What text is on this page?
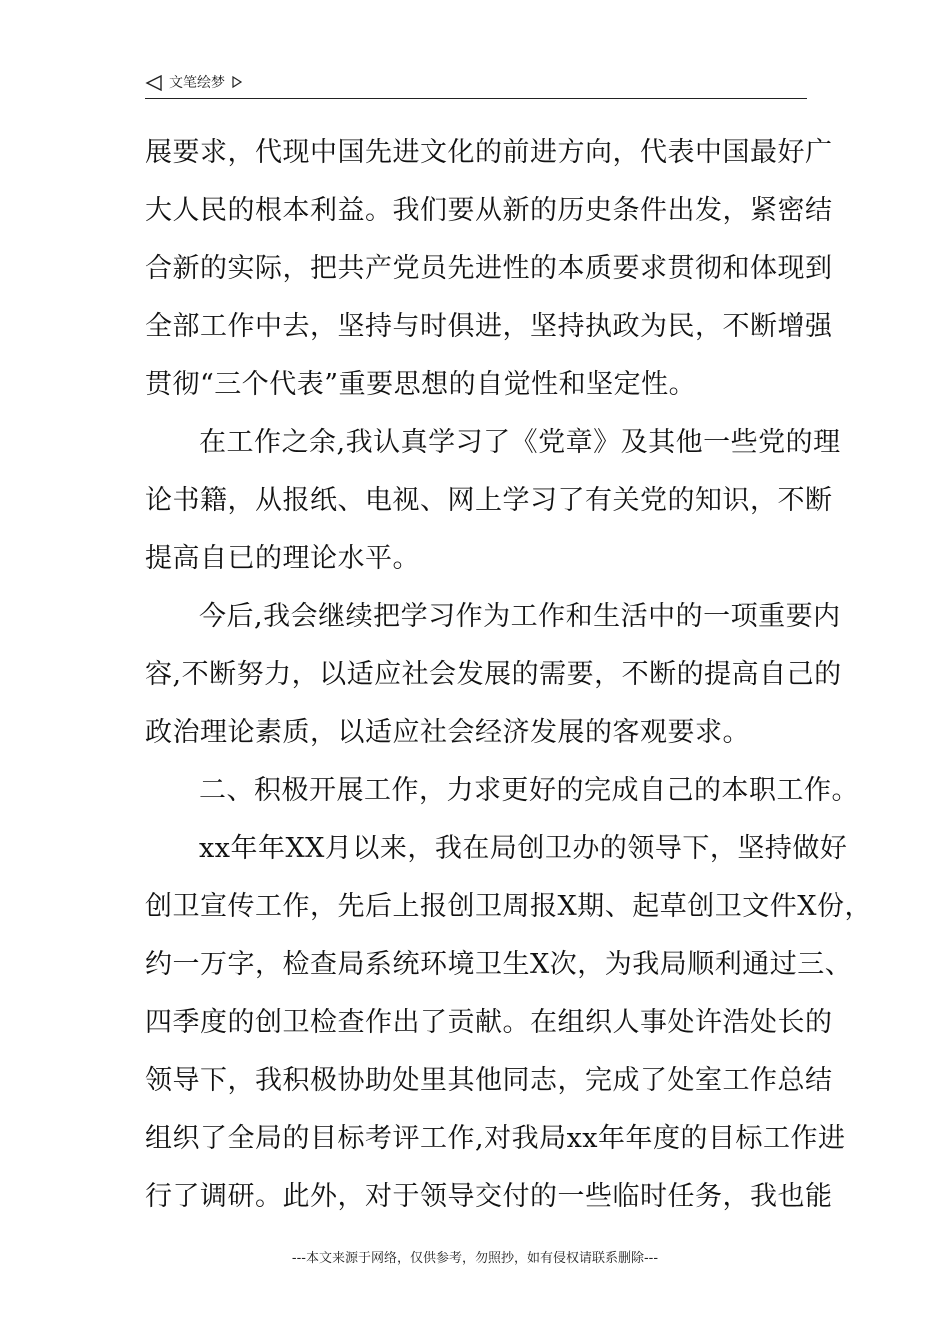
文笔绘梦
展要求，代现中国先进文化的前进方向，代表中国最好广
大人民的根本利益。我们要从新的历史条件出发，紧密结
合新的实际，把共产党员先进性的本质要求贯彻和体现到
全部工作中去，坚持与时俱进，坚持执政为民，不断增强
贯彻“三个代表”重要思想的自觉性和坚定性。
在工作之余,我认真学习了《党章》及其他一些党的理
论书籍，从报纸、电视、网上学习了有关党的知识，不断
提高自已的理论水平。
今后,我会继续把学习作为工作和生活中的一项重要内
容,不断努力，以适应社会发展的需要，不断的提高自己的
政治理论素质，以适应社会经济发展的客观要求。
二、积极开展工作，力求更好的完成自己的本职工作。
xx年年XX月以来，我在局创卫办的领导下，坚持做好
创卫宣传工作，先后上报创卫周报X期、起草创卫文件X份，
约一万字，检查局系统环境卫生X次，为我局顺利通过三、
四季度的创卫检查作出了贡献。在组织人事处许浩处长的
领导下，我积极协助处里其他同志，完成了处室工作总结
组织了全局的目标考评工作,对我局xx年年度的目标工作进
行了调研。此外，对于领导交付的一些临时任务，我也能
---本文来源于网络，仅供参考，勿照抄，如有侵权请联系删除---
